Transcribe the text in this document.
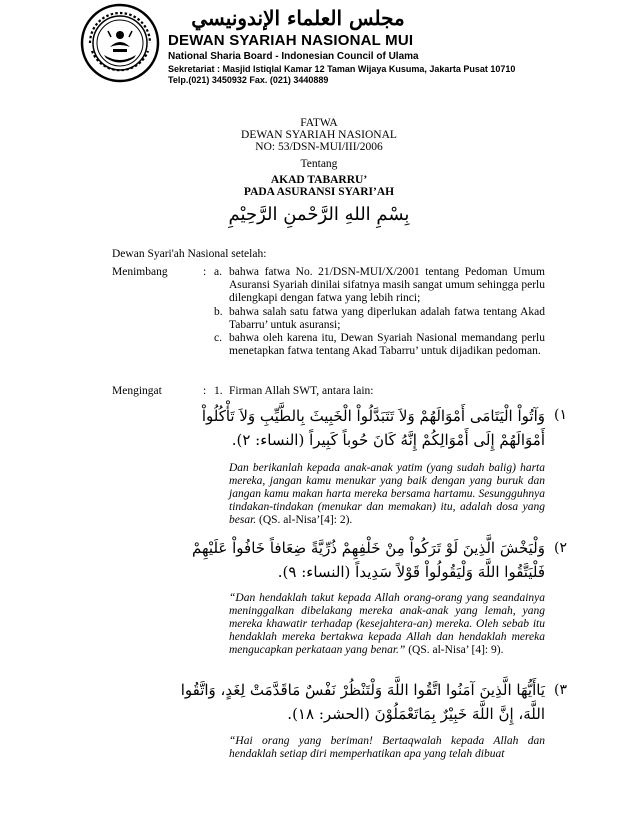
مجلس العلماء الإندونيسي
DEWAN SYARIAH NASIONAL MUI
National Sharia Board - Indonesian Council of Ulama
Sekretariat : Masjid Istiqlal Kamar 12 Taman Wijaya Kusuma, Jakarta Pusat 10710
Telp.(021) 3450932 Fax. (021) 3440889
FATWA
DEWAN SYARIAH NASIONAL
NO: 53/DSN-MUI/III/2006
Tentang
AKAD TABARRU’
PADA ASURANSI SYARI’AH
بِسْمِ اللهِ الرَّحْمنِ الرَّحِيْمِ
Dewan Syari'ah Nasional setelah:
Menimbang	: a. bahwa fatwa No. 21/DSN-MUI/X/2001 tentang Pedoman Umum Asuransi Syariah dinilai sifatnya masih sangat umum sehingga perlu dilengkapi dengan fatwa yang lebih rinci;
b. bahwa salah satu fatwa yang diperlukan adalah fatwa tentang Akad Tabarru’ untuk asuransi;
c. bahwa oleh karena itu, Dewan Syariah Nasional memandang perlu menetapkan fatwa tentang Akad Tabarru’ untuk dijadikan pedoman.
Mengingat	: 1. Firman Allah SWT, antara lain:
وَآتُواْ الْيَتَامَى أَمْوَالَهُمْ وَلاَ تَتَبَدَّلُواْ الْخَبِيثَ بِالطَّيِّبِ وَلاَ تَأْكُلُواْ
أَمْوَالَهُمْ إِلَى أَمْوَالِكُمْ إِنَّهُ كَانَ حُوباً كَبِيراً (النساء: ٢).
(١
Dan berikanlah kepada anak-anak yatim (yang sudah balig) harta mereka, jangan kamu menukar yang baik dengan yang buruk dan jangan kamu makan harta mereka bersama hartamu. Sesungguhnya tindakan-tindakan (menukar dan memakan) itu, adalah dosa yang besar. (QS. al-Nisa’[4]: 2).
وَلْيَخْشَ الَّذِينَ لَوْ تَرَكُواْ مِنْ خَلْفِهِمْ ذُرِّيَّةً ضِعَافاً خَافُواْ عَلَيْهِمْ
فَلْيَتَّقُوا اللَّهَ وَلْيَقُولُواْ قَوْلاً سَدِيداً (النساء: ٩).
(٢
“Dan hendaklah takut kepada Allah orang-orang yang seandainya meninggalkan dibelakang mereka anak-anak yang lemah, yang mereka khawatir terhadap (kesejahtera-an) mereka. Oleh sebab itu hendaklah mereka bertakwa kepada Allah dan hendaklah mereka mengucapkan perkataan yang benar.” (QS. al-Nisa’ [4]: 9).
يَاأَيُّهَا الَّذِينَ آمَنُوا اتَّقُوا اللَّهَ وَلْتَنْظُرْ نَفْسٌ مَاقَدَّمَتْ لِغَدٍ، وَاتَّقُوا
اللَّهَ، إِنَّ اللَّهَ خَبِيْرٌ بِمَاتَعْمَلُوْنَ (الحشر: ١٨).
(٣
“Hai orang yang beriman! Bertaqwalah kepada Allah dan hendaklah setiap diri memperhatikan apa yang telah dibuat
